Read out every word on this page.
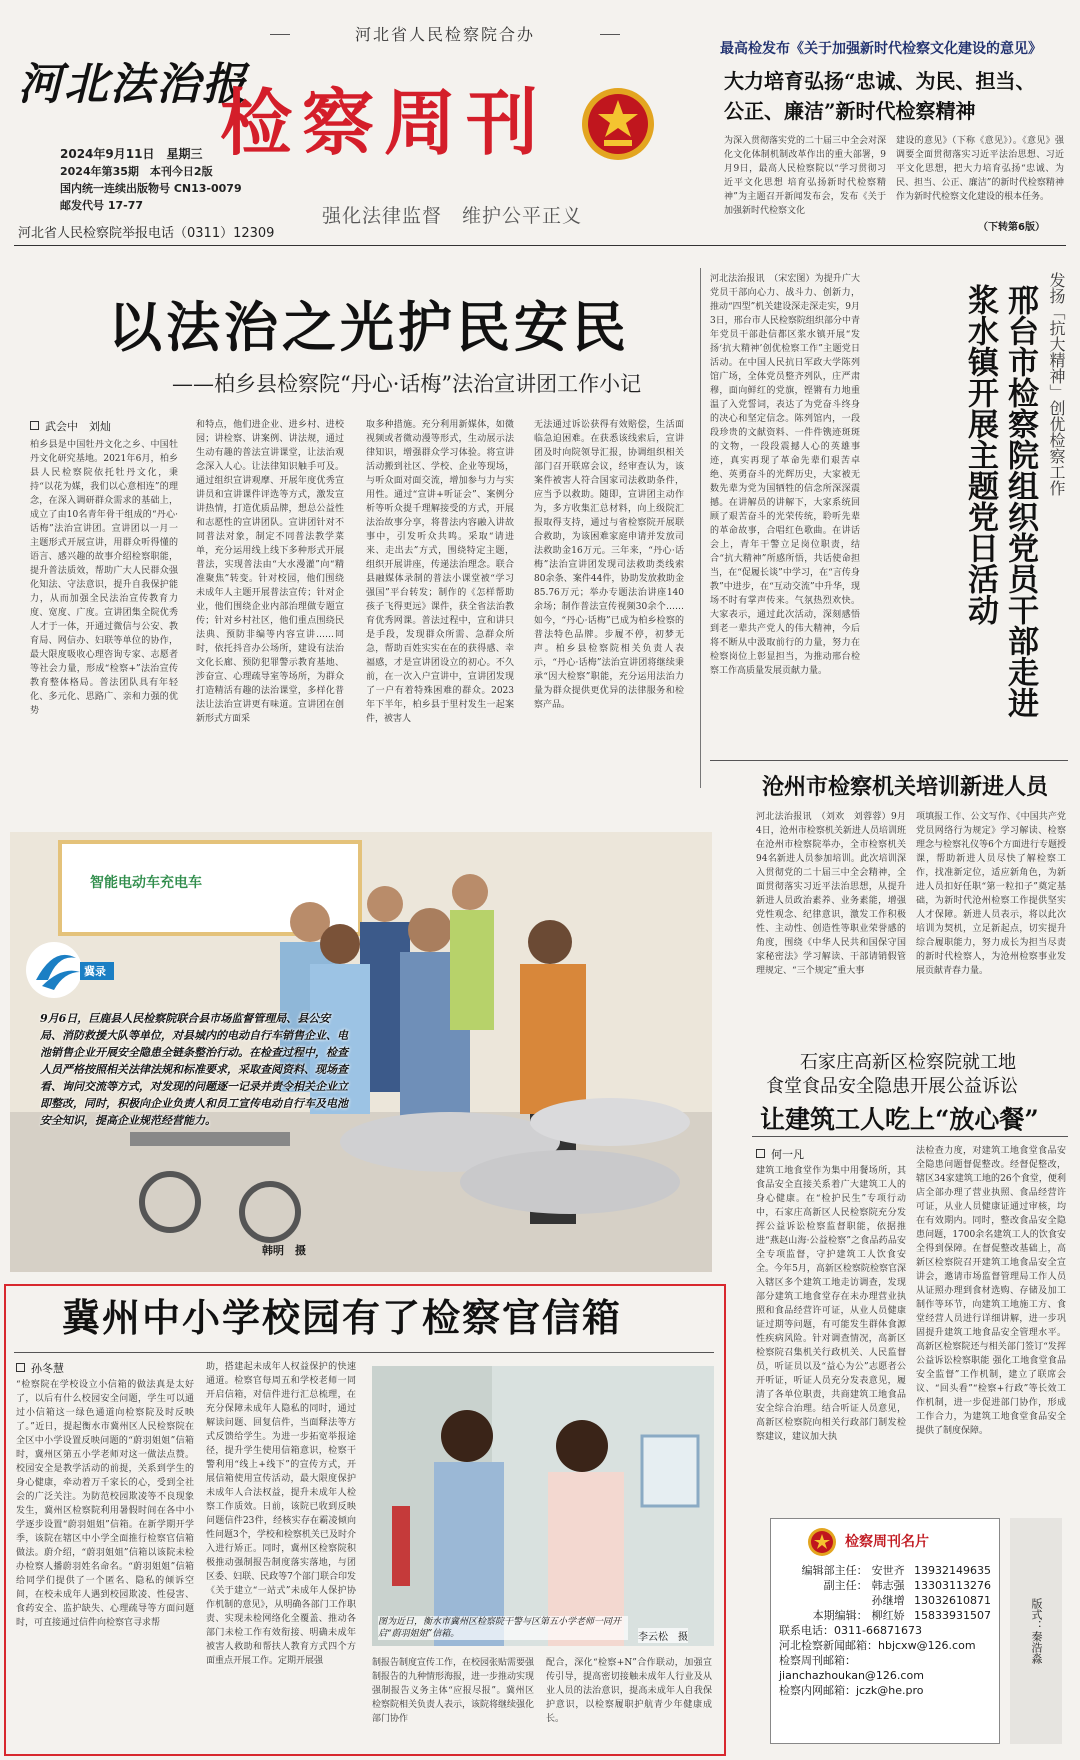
河北省人民检察院合办
河北法治报
检察周刊
2024年9月11日　星期三
2024年第35期　本刊今日2版
国内统一连续出版物号 CN13-0079
邮发代号 17-77
河北省人民检察院举报电话（0311）12309
强化法律监督　维护公平正义
最高检发布《关于加强新时代检察文化建设的意见》
大力培育弘扬“忠诚、为民、担当、
公正、廉洁”新时代检察精神
为深入贯彻落实党的二十届三中全会对深化文化体制机制改革作出的重大部署，9月9日，最高人民检察院以“学习贯彻习近平文化思想 培育弘扬新时代检察精神”为主题召开新闻发布会，发布《关于加强新时代检察文化
建设的意见》（下称《意见》）。《意见》强调要全面贯彻落实习近平法治思想、习近平文化思想，把大力培育弘扬“忠诚、为民、担当、公正、廉洁”的新时代检察精神作为新时代检察文化建设的根本任务。
（下转第6版）
以法治之光护民安民
——柏乡县检察院“丹心·话梅”法治宣讲团工作小记
武会中　刘灿
柏乡县是中国牡丹文化之乡、中国牡丹文化研究基地。2021年6月，柏乡县人民检察院依托牡丹文化，秉持“以花为媒，我们以心意相连”的理念，在深入调研群众需求的基础上，成立了由10名青年骨干组成的“丹心·话梅”法治宣讲团。宣讲团以一月一主题形式开展宣讲，用群众听得懂的语言、感兴趣的故事介绍检察职能，提升普法质效，帮助广大人民群众强化知法、守法意识，提升自我保护能力，从而加强全民法治宣传教育力度、宽度、广度。宣讲团集全院优秀人才于一体，开通过微信与公安、教育局、网信办、妇联等单位的协作，最大限度吸收心理咨询专家、志愿者等社会力量，形成“检察+”法治宣传教育整体格局。普法团队具有年轻化、多元化、思路广、亲和力强的优势
和特点，他们进企业、进乡村、进校园；讲检察、讲案例、讲法规，通过生动有趣的普法宣讲课堂，让法治观念深入人心。让法律知识触手可及。通过组织宣讲观摩、开展年度优秀宣讲员和宣讲课件评选等方式，激发宣讲热情，打造优质品牌，想总公益性和志愿性的宣讲团队。宣讲团针对不同普法对象，制定不同普法教学菜单，充分运用线上线下多种形式开展普法，实现普法由“大水漫灌”向“精准聚焦”转变。针对校园，他们围绕未成年人主题开展普法宣传；针对企业，他们围绕企业内部治理做专题宣传；针对乡村社区，他们重点围绕民法典、预防非编等内容宣讲……同时，依托抖音办公场所，建设有法治文化长廊、预防犯罪警示教育基地、涉奋宣、心理疏导室等场所，为群众打造精活有趣的法治课堂，多样化普法让法治宣讲更有味道。宣讲团在创新形式方面采
取多种措施。充分利用新媒体，如微视频或者微动漫等形式，生动展示法律知识，增强群众学习体验。将宣讲活动搬到社区、学校、企业等现场，与听众面对面交流，增加参与力与实用性。通过“宣讲+听证会”、案例分析等听众提千理解接受的方式，开展法治故事分享，将普法内容融入讲故事中，引发听众共鸣。采取“请进来、走出去”方式，围绕特定主题，组织开展讲座，传递法治理念。联合县融媒体录制的普法小课堂被“学习强国”平台转发；制作的《怎样帮助孩子飞得更远》课件，获全省法治教育优秀网课。普法过程中，宣和讲只是手段，发现群众所需、急群众所急，帮助百姓实实在在的获得感、幸福感，才是宣讲团设立的初心。不久前，在一次入户宣讲中，宣讲团发现了一户有着特殊困难的群众。2023年下半年，柏乡县于里村发生一起案件，被害人
无法通过诉讼获得有效赔偿，生活面临急迫困难。在获悉该线索后，宣讲团及时向院领导汇报，协调组织相关部门召开联席会议，经审查认为，该案件被害人符合国家司法救助条件，应当予以救助。随即，宣讲团主动作为，多方收集汇总材料，向上级院汇报取得支持，通过与省检察院开展联合救助，为该困难家庭申请并发放司法救助金16万元。三年来，“丹心·话梅”法治宣讲团发现司法救助类线索80余条、案件44件，协助发放救助金85.76万元；举办专题法治讲座140余场；制作普法宣传视频30余个……如今，“丹心·话梅”已成为柏乡检察的普法特色品牌。步履不停，初梦无声。柏乡县检察院相关负责人表示，“丹心·话梅”法治宣讲团将继续秉承“因大检察”职能，充分运用法治力量为群众提供更优异的法律服务和检察产品。
河北法治报讯　（宋宏图）为提升广大党员干部向心力、战斗力、创新力，推动“四型”机关建设深走深走实，9月3日，邢台市人民检察院组织部分中青年党员干部赴信都区浆水镇开展“发扬‘抗大精神’创优检察工作”主题党日活动。在中国人民抗日军政大学陈列馆广场，全体党员整齐列队，庄严肃穆，面向鲜红的党旗，铿锵有力地重温了入党誓词，表达了为党奋斗终身的决心和坚定信念。陈列馆内，一段段珍贵的文献资料、一件件镌迹斑斑的文物，一段段震撼人心的英雄事迹，真实再现了革命先辈们艰苦卓绝、英勇奋斗的光辉历史，大家被无数先辈为党为国牺牲的信念所深深震撼。在讲解员的讲解下，大家系统回顾了艰苦奋斗的光荣传统，聆听先辈的革命故事，合唱红色歌曲。在讲话会上，青年干警立足岗位职责，结合“抗大精神”所感所悟，共话使命担当，在“促履长谈”中学习，在“言传身教”中进步，在“互动交流”中升华，现场不时有掌声传来。气氛热烈欢快。大家表示，通过此次活动，深刻感悟到老一辈共产党人的伟大精神，今后将不断从中汲取前行的力量，努力在检察岗位上彰显担当，为推动邢台检察工作高质量发展贡献力量。	邢台市检察院组织党员干部走进浆水镇开展主题党日活动	发扬「抗大精神」创优检察工作
沧州市检察机关培训新进人员
河北法治报讯　（刘欢　刘蓉蓉）9月4日，沧州市检察机关新进人员培训班在沧州市检察院举办，全市检察机关94名新进人员参加培训。此次培训深入贯彻党的二十届三中全会精神，全面贯彻落实习近平法治思想，从提升新进人员政治素养、业务素能，增强党性观念、纪律意识，激发工作积极性、主动性、创造性等职业荣誉感的角度，围绕《中华人民共和国保守国家秘密法》学习解读、干部请销假管理规定、“三个规定”重大事
项填报工作、公文写作、《中国共产党党员网络行为规定》学习解读、检察理念与检察礼仪等6个方面进行专题授课，帮助新进人员尽快了解检察工作，找准新定位，适应新角色，为新进人员扣好任职“第一粒扣子”奠定基础，为新时代沧州检察工作提供坚实人才保障。新进人员表示，将以此次培训为契机，立足新起点，切实提升综合履职能力，努力成长为担当尽责的新时代检察人，为沧州检察事业发展贡献青春力量。
智能电动车充电车
冀录
9月6日，巨鹿县人民检察院联合县市场监督管理局、县公安局、消防救援大队等单位，对县城内的电动自行车销售企业、电池销售企业开展安全隐患全链条整治行动。在检查过程中，检查人员严格按照相关法律法规和标准要求，采取查阅资料、现场查看、询问交流等方式，对发现的问题逐一记录并责令相关企业立即整改，同时，积极向企业负责人和员工宣传电动自行车及电池安全知识，提高企业规范经营能力。
韩明　摄
石家庄高新区检察院就工地
食堂食品安全隐患开展公益诉讼
让建筑工人吃上“放心餐”
何一凡
建筑工地食堂作为集中用餐场所，其食品安全直接关系着广大建筑工人的身心健康。在“检护民生”专项行动中，石家庄高新区人民检察院充分发挥公益诉讼检察监督职能，依据推进“燕赵山海·公益检察”之食品药品安全专项监督，守护建筑工人饮食安全。今年5月，高新区检察院检察官深入辖区多个建筑工地走访调查，发现部分建筑工地食堂存在未办理营业执照和食品经营许可证，从业人员健康证过期等问题，有可能发生群体食源性疾病风险。针对调查情况，高新区检察院召集机关行政机关、人民监督员，听证员以及“益心为公”志愿者公开听证，听证人员充分发表意见，履清了各单位职责，共商建筑工地食品安全综合治理。结合听证人员意见，高新区检察院向相关行政部门制发检察建议，建议加大执
法检查力度，对建筑工地食堂食品安全隐患问题督促整改。经督促整改，辖区34家建筑工地的26个食堂，便利店全部办理了营业执照、食品经营许可证，从业人员健康证通过审核，均在有效期内。同时，整改食品安全隐患问题，1700余名建筑工人的饮食安全得到保障。在督促整改基础上，高新区检察院召开建筑工地食品安全宣讲会，邀请市场监督管理局工作人员从证照办理到食材选购、存储及加工制作等环节，向建筑工地施工方、食堂经营人员进行详细讲解，进一步巩固提升建筑工地食品安全管理水平。高新区检察院还与相关部门签订“发挥公益诉讼检察职能 强化工地食堂食品安全监督”工作机制，建立了联席会议、“回头看”“检察+行政”等长效工作机制，进一步促进部门协作，形成工作合力，为建筑工地食堂食品安全提供了制度保障。
冀州中小学校园有了检察官信箱
孙冬慧
“检察院在学校设立小信箱的做法真是太好了，以后有什么校园安全问题，学生可以通过小信箱这一绿色通道向检察院及时反映了。”近日，提起衡水市冀州区人民检察院在全区中小学设置反映问题的“蔚羽姐姐”信箱时，冀州区第五小学老师对这一做法点赞。校园安全是教学活动的前提，关系到学生的身心健康，牵动着万千家长的心，受到全社会的广泛关注。为防范校园欺凌等不良现象发生，冀州区检察院利用暑假时间在各中小学逐步设置“蔚羽姐姐”信箱。在新学期开学季，该院在辖区中小学全面推行检察官信箱做法。蔚介绍，“蔚羽姐姐”信箱以该院未检办检察人播蔚羽姓名命名。“蔚羽姐姐”信箱给同学们提供了一个匿名、隐私的倾诉空间，在校未成年人遇到校园欺凌、性侵害、食药安全、监护缺失、心理疏导等方面问题时，可直接通过信件向检察官寻求帮
助，搭建起未成年人权益保护的快速通道。检察官每周五和学校老师一同开启信箱，对信件进行汇总梳理，在充分保障未成年人隐私的同时，通过解读问题、回复信件，当面释法等方式反馈给学生。为进一步拓宽举报途径，提升学生使用信箱意识，检察干警利用“线上+线下”的宣传方式，开展信箱使用宣传活动，最大限度保护未成年人合法权益，提升未成年人检察工作质效。日前，该院已收到反映问题信件23件，经核实存在霸凌倾向性问题3个，学校和检察机关已及时介入进行矫正。同时，冀州区检察院积极推动强制报告制度落实落地，与团区委、妇联、民政等7个部门联合印发《关于建立“一站式”未成年人保护协作机制的意见》，从明确各部门工作职责、实现未检网络化全覆盖、推动各部门未检工作有效衔接、明确未成年被害人救助和帮扶人教育方式四个方面重点开展工作。定期开展强
图为近日，衡水市冀州区检察院干警与区第五小学老师一同开启“蔚羽姐姐”信箱。	李云松　摄
制报告制度宣传工作，在校园张贴需要强制报告的九种情形海报，进一步推动实现强制报告义务主体“应报尽报”。冀州区检察院相关负责人表示，该院将继续强化部门协作
配合，深化“检察+N”合作联动，加强宣传引导，提高密切接触未成年人行业及从业人员的法治意识，提高未成年人自我保护意识，以检察履职护航青少年健康成长。
检察周刊名片
编辑部主任： 安世齐 13932149635
副主任： 韩志强 13303113276
孙继增 13032610871
本期编辑： 柳红娇 15833931507
联系电话：0311-66871673
河北检察新闻邮箱： hbjcxw@126.com
检察周刊邮箱：
jianchazhoukan@126.com
检察内网邮箱： jczk@he.pro
版式：秦浩淼
